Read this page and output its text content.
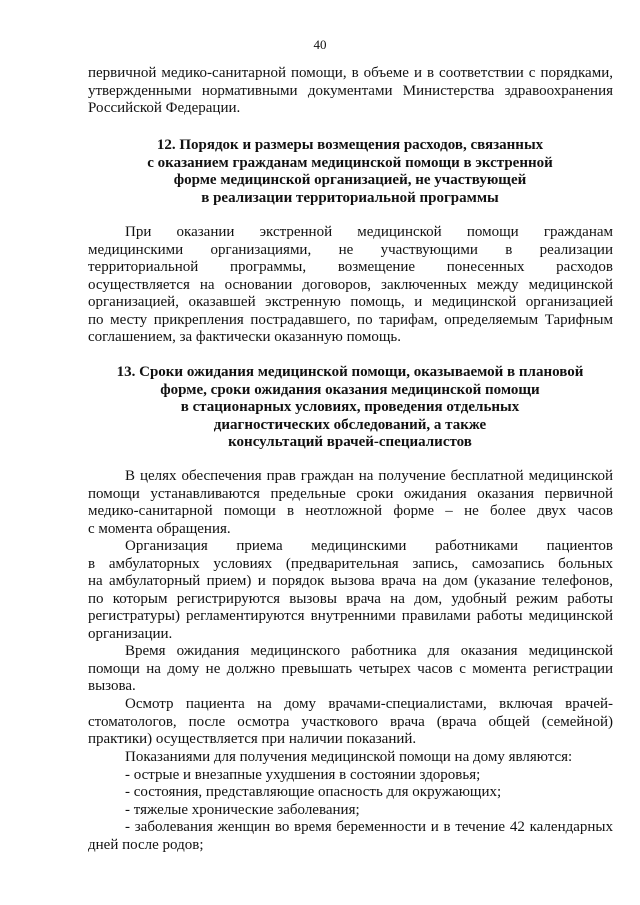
40
первичной медико-санитарной помощи, в объеме и в соответствии с порядками,
утвержденными нормативными документами Министерства здравоохранения
Российской Федерации.
12. Порядок и размеры возмещения расходов, связанных
с оказанием гражданам медицинской помощи в экстренной
форме медицинской организацией, не участвующей
в реализации территориальной программы
При оказании экстренной медицинской помощи гражданам
медицинскими организациями, не участвующими в реализации
территориальной программы, возмещение понесенных расходов
осуществляется на основании договоров, заключенных между медицинской
организацией, оказавшей экстренную помощь, и медицинской организацией
по месту прикрепления пострадавшего, по тарифам, определяемым Тарифным
соглашением, за фактически оказанную помощь.
13. Сроки ожидания медицинской помощи, оказываемой в плановой
форме, сроки ожидания оказания медицинской помощи
в стационарных условиях, проведения отдельных
диагностических обследований, а также
консультаций врачей-специалистов
В целях обеспечения прав граждан на получение бесплатной медицинской
помощи устанавливаются предельные сроки ожидания оказания первичной
медико-санитарной помощи в неотложной форме – не более двух часов
с момента обращения.
Организация приема медицинскими работниками пациентов
в амбулаторных условиях (предварительная запись, самозапись больных
на амбулаторный прием) и порядок вызова врача на дом (указание телефонов,
по которым регистрируются вызовы врача на дом, удобный режим работы
регистратуры) регламентируются внутренними правилами работы медицинской
организации.
Время ожидания медицинского работника для оказания медицинской
помощи на дому не должно превышать четырех часов с момента регистрации
вызова.
Осмотр пациента на дому врачами-специалистами, включая врачей-
стоматологов, после осмотра участкового врача (врача общей (семейной)
практики) осуществляется при наличии показаний.
Показаниями для получения медицинской помощи на дому являются:
- острые и внезапные ухудшения в состоянии здоровья;
- состояния, представляющие опасность для окружающих;
- тяжелые хронические заболевания;
- заболевания женщин во время беременности и в течение 42 календарных
дней после родов;
